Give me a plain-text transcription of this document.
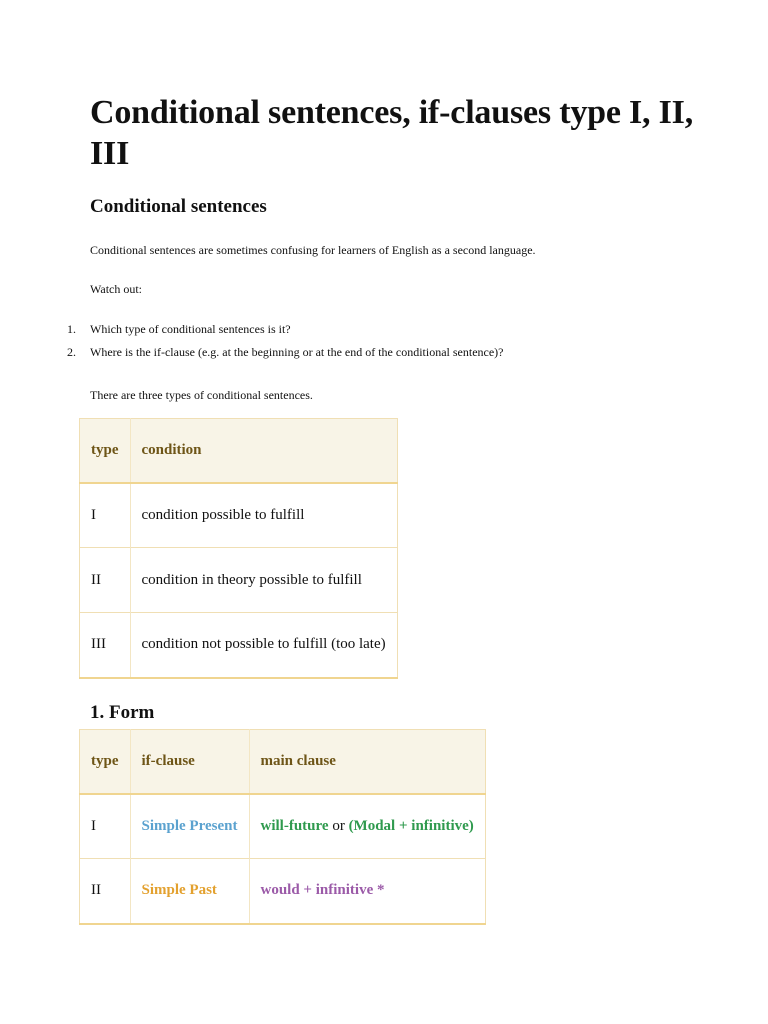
Conditional sentences, if-clauses type I, II, III
Conditional sentences

Conditional sentences are sometimes confusing for learners of English as a second language.

Watch out:

1. Which type of conditional sentences is it?
2. Where is the if-clause (e.g. at the beginning or at the end of the conditional sentence)?

There are three types of conditional sentences.

type	condition
I	condition possible to fulfill
II	condition in theory possible to fulfill
III	condition not possible to fulfill (too late)
1. Form
type	if-clause	main clause
I	Simple Present	will-future or (Modal + infinitive)
II	Simple Past	would + infinitive *
